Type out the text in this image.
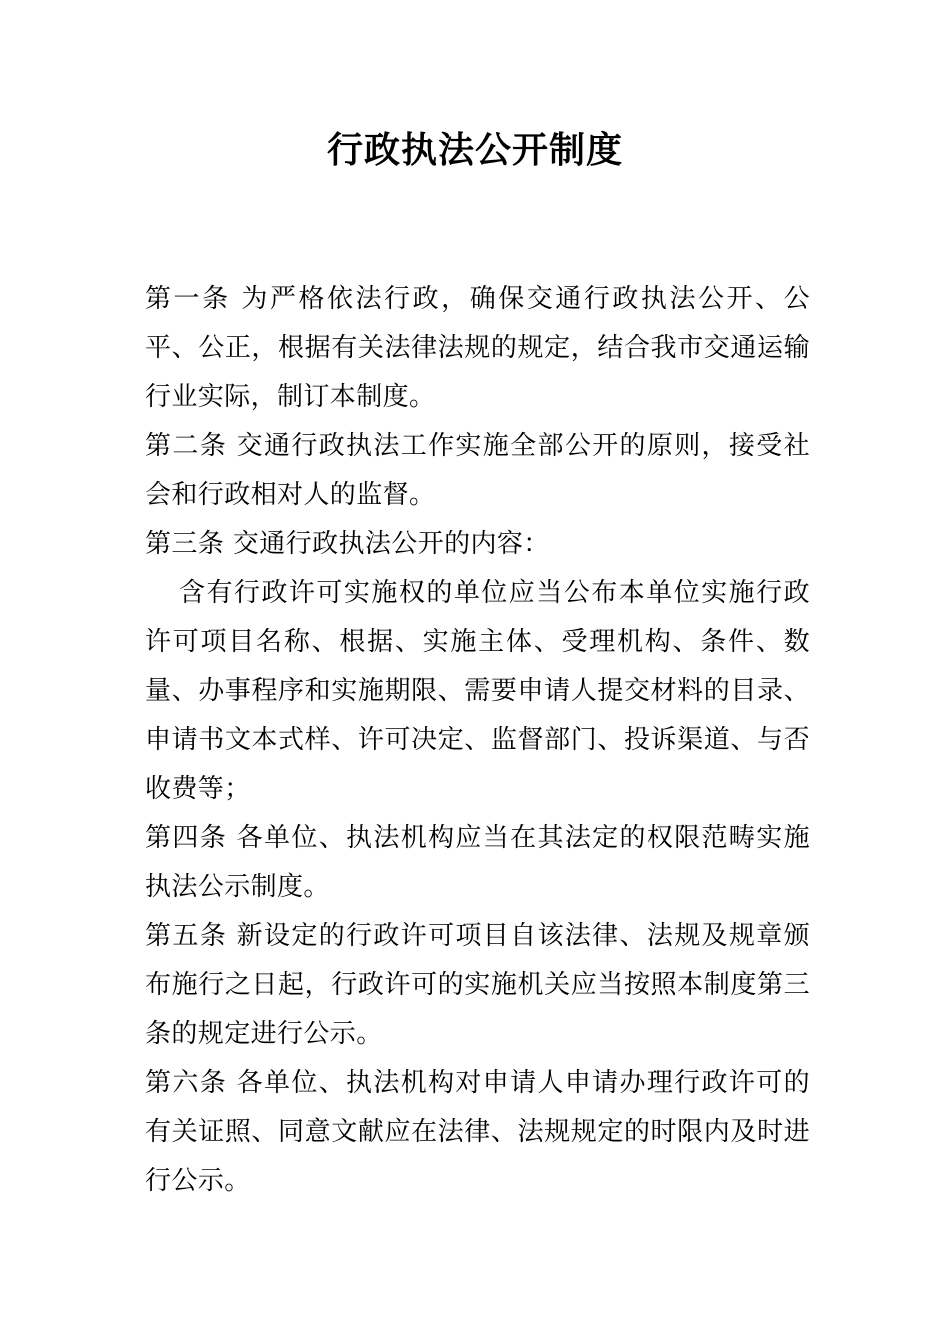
行政执法公开制度

第一条 为严格依法行政，确保交通行政执法公开、公平、公正，根据有关法律法规的规定，结合我市交通运输行业实际，制订本制度。

第二条 交通行政执法工作实施全部公开的原则，接受社会和行政相对人的监督。

第三条 交通行政执法公开的内容：

含有行政许可实施权的单位应当公布本单位实施行政许可项目名称、根据、实施主体、受理机构、条件、数量、办事程序和实施期限、需要申请人提交材料的目录、申请书文本式样、许可决定、监督部门、投诉渠道、与否收费等；

第四条 各单位、执法机构应当在其法定的权限范畴实施执法公示制度。

第五条 新设定的行政许可项目自该法律、法规及规章颁布施行之日起，行政许可的实施机关应当按照本制度第三条的规定进行公示。

第六条 各单位、执法机构对申请人申请办理行政许可的有关证照、同意文献应在法律、法规规定的时限内及时进行公示。
